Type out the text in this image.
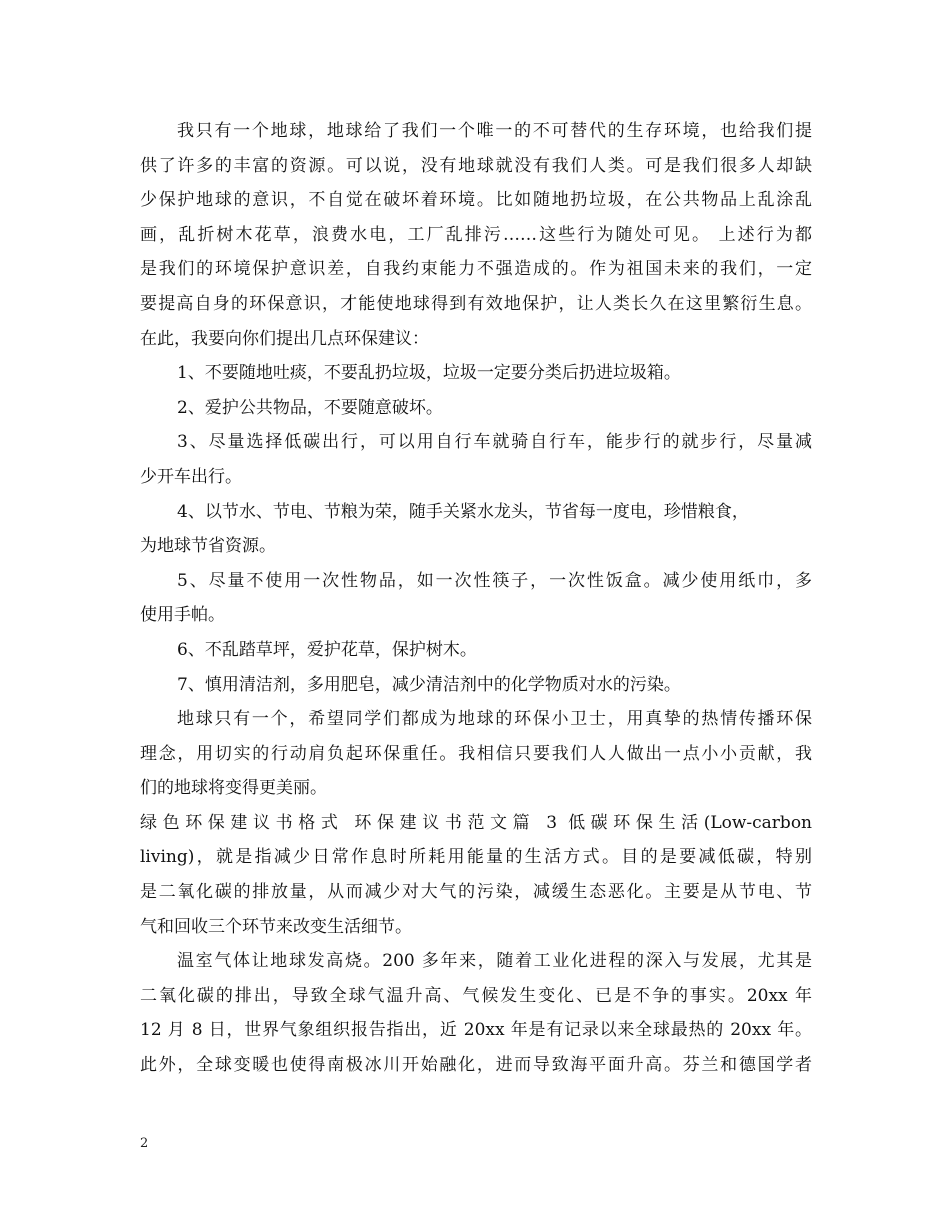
我只有一个地球，地球给了我们一个唯一的不可替代的生存环境，也给我们提
供了许多的丰富的资源。可以说，没有地球就没有我们人类。可是我们很多人却缺
少保护地球的意识，不自觉在破坏着环境。比如随地扔垃圾，在公共物品上乱涂乱
画，乱折树木花草，浪费水电，工厂乱排污……这些行为随处可见。 上述行为都
是我们的环境保护意识差，自我约束能力不强造成的。作为祖国未来的我们，一定
要提高自身的环保意识，才能使地球得到有效地保护，让人类长久在这里繁衍生息。
在此，我要向你们提出几点环保建议：
1、不要随地吐痰，不要乱扔垃圾，垃圾一定要分类后扔进垃圾箱。
2、爱护公共物品，不要随意破坏。
3、尽量选择低碳出行，可以用自行车就骑自行车，能步行的就步行，尽量减
少开车出行。
4、以节水、节电、节粮为荣，随手关紧水龙头，节省每一度电，珍惜粮食，
为地球节省资源。
5、尽量不使用一次性物品，如一次性筷子，一次性饭盒。减少使用纸巾，多
使用手帕。
6、不乱踏草坪，爱护花草，保护树木。
7、慎用清洁剂，多用肥皂，减少清洁剂中的化学物质对水的污染。
地球只有一个，希望同学们都成为地球的环保小卫士，用真挚的热情传播环保
理念，用切实的行动肩负起环保重任。我相信只要我们人人做出一点小小贡献，我
们的地球将变得更美丽。
绿色环保建议书格式 环保建议书范文篇 3 低碳环保生活(Low-carbon
living)，就是指减少日常作息时所耗用能量的生活方式。目的是要减低碳，特别
是二氧化碳的排放量，从而减少对大气的污染，减缓生态恶化。主要是从节电、节
气和回收三个环节来改变生活细节。
温室气体让地球发高烧。200 多年来，随着工业化进程的深入与发展，尤其是
二氧化碳的排出，导致全球气温升高、气候发生变化、已是不争的事实。20xx 年
12 月 8 日，世界气象组织报告指出，近 20xx 年是有记录以来全球最热的 20xx 年。
此外，全球变暖也使得南极冰川开始融化，进而导致海平面升高。芬兰和德国学者
2
